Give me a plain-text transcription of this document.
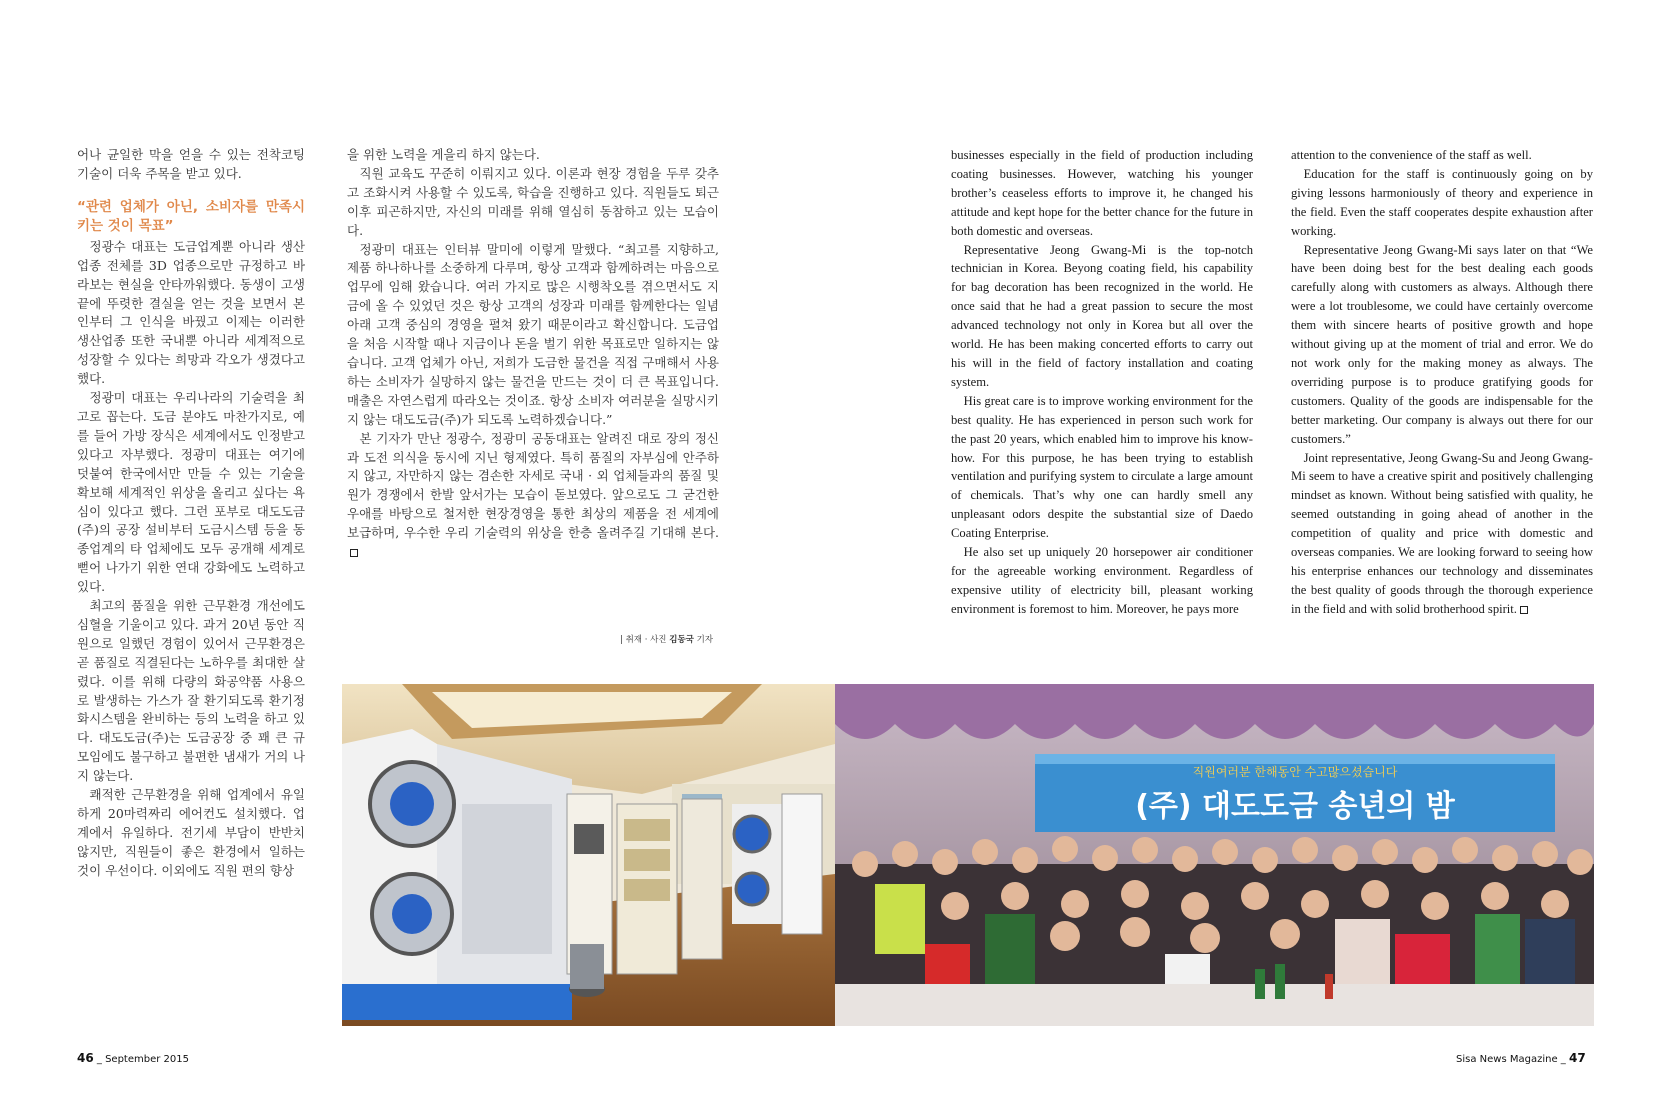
어나 균일한 막을 얻을 수 있는 전착코팅 기술이 더욱 주목을 받고 있다.

“관련 업체가 아닌, 소비자를 만족시키는 것이 목표”

정광수 대표는 도금업계뿐 아니라 생산 업종 전체를 3D 업종으로만 규정하고 바라보는 현실을 안타까워했다. 동생이 고생 끝에 뚜렷한 결실을 얻는 것을 보면서 본인부터 그 인식을 바꿨고 이제는 이러한 생산업종 또한 국내뿐 아니라 세계적으로 성장할 수 있다는 희망과 각오가 생겼다고 했다.

정광미 대표는 우리나라의 기술력을 최고로 꼽는다. 도금 분야도 마찬가지로, 예를 들어 가방 장식은 세계에서도 인정받고 있다고 자부했다. 정광미 대표는 여기에 덧붙여 한국에서만 만들 수 있는 기술을 확보해 세계적인 위상을 올리고 싶다는 욕심이 있다고 했다. 그런 포부로 대도도금(주)의 공장 설비부터 도금시스템 등을 동종업계의 타 업체에도 모두 공개해 세계로 뻗어 나가기 위한 연대 강화에도 노력하고 있다.

최고의 품질을 위한 근무환경 개선에도 심혈을 기울이고 있다. 과거 20년 동안 직원으로 일했던 경험이 있어서 근무환경은 곧 품질로 직결된다는 노하우를 최대한 살렸다. 이를 위해 다량의 화공약품 사용으로 발생하는 가스가 잘 환기되도록 환기정화시스템을 완비하는 등의 노력을 하고 있다. 대도도금(주)는 도금공장 중 꽤 큰 규모임에도 불구하고 불편한 냄새가 거의 나지 않는다.

쾌적한 근무환경을 위해 업계에서 유일하게 20마력짜리 에어컨도 설치했다. 업계에서 유일하다. 전기세 부담이 반반치 않지만, 직원들이 좋은 환경에서 일하는 것이 우선이다. 이외에도 직원 편의 향상

을 위한 노력을 게을리 하지 않는다.

직원 교육도 꾸준히 이뤄지고 있다. 이론과 현장 경험을 두루 갖추고 조화시켜 사용할 수 있도록, 학습을 진행하고 있다. 직원들도 퇴근이후 피곤하지만, 자신의 미래를 위해 열심히 동참하고 있는 모습이다.

정광미 대표는 인터뷰 말미에 이렇게 말했다. “최고를 지향하고, 제품 하나하나를 소중하게 다루며, 항상 고객과 함께하려는 마음으로 업무에 임해 왔습니다. 여러 가지로 많은 시행착오를 겪으면서도 지금에 올 수 있었던 것은 항상 고객의 성장과 미래를 함께한다는 일념 아래 고객 중심의 경영을 펼쳐 왔기 때문이라고 확신합니다. 도금업을 처음 시작할 때나 지금이나 돈을 벌기 위한 목표로만 일하지는 않습니다. 고객 업체가 아닌, 저희가 도금한 물건을 직접 구매해서 사용하는 소비자가 실망하지 않는 물건을 만드는 것이 더 큰 목표입니다. 매출은 자연스럽게 따라오는 것이죠. 항상 소비자 여러분을 실망시키지 않는 대도도금(주)가 되도록 노력하겠습니다.”

본 기자가 만난 정광수, 정광미 공동대표는 알려진 대로 장의 정신과 도전 의식을 동시에 지닌 형제였다. 특히 품질의 자부심에 안주하지 않고, 자만하지 않는 겸손한 자세로 국내 · 외 업체들과의 품질 및 원가 경쟁에서 한발 앞서가는 모습이 돋보였다. 앞으로도 그 굳건한 우애를 바탕으로 철저한 현장경영을 통한 최상의 제품을 전 세계에 보급하며, 우수한 우리 기술력의 위상을 한층 올려주길 기대해 본다.

| 취재 · 사진 김동국 기자

businesses especially in the field of production including coating businesses. However, watching his younger brother’s ceaseless efforts to improve it, he changed his attitude and kept hope for the better chance for the future in both domestic and overseas.

Representative Jeong Gwang-Mi is the top-notch technician in Korea. Beyong coating field, his capability for bag decoration has been recognized in the world. He once said that he had a great passion to secure the most advanced technology not only in Korea but all over the world. He has been making concerted efforts to carry out his will in the field of factory installation and coating system.

His great care is to improve working environment for the best quality. He has experienced in person such work for the past 20 years, which enabled him to improve his know-how. For this purpose, he has been trying to establish ventilation and purifying system to circulate a large amount of chemicals. That’s why one can hardly smell any unpleasant odors despite the substantial size of Daedo Coating Enterprise.

He also set up uniquely 20 horsepower air conditioner for the agreeable working environment. Regardless of expensive utility of electricity bill, pleasant working environment is foremost to him. Moreover, he pays more

attention to the convenience of the staff as well.

Education for the staff is continuously going on by giving lessons harmoniously of theory and experience in the field. Even the staff cooperates despite exhaustion after working.

Representative Jeong Gwang-Mi says later on that “We have been doing best for the best dealing each goods carefully along with customers as always. Although there were a lot troublesome, we could have certainly overcome them with sincere hearts of positive growth and hope without giving up at the moment of trial and error. We do not work only for the making money as always. The overriding purpose is to produce gratifying goods for customers. Quality of the goods are indispensable for the better marketing. Our company is always out there for our customers.”

Joint representative, Jeong Gwang-Su and Jeong Gwang-Mi seem to have a creative spirit and positively challenging mindset as known. Without being satisfied with quality, he seemed outstanding in going ahead of another in the competition of quality and price with domestic and overseas companies. We are looking forward to seeing how his enterprise enhances our technology and disseminates the best quality of goods through the thorough experience in the field and with solid brotherhood spirit.

직원여러분 한해동안 수고많으셨습니다
(주) 대도도금 송년의 밤
46 _ September 2015	Sisa News Magazine _ 47
